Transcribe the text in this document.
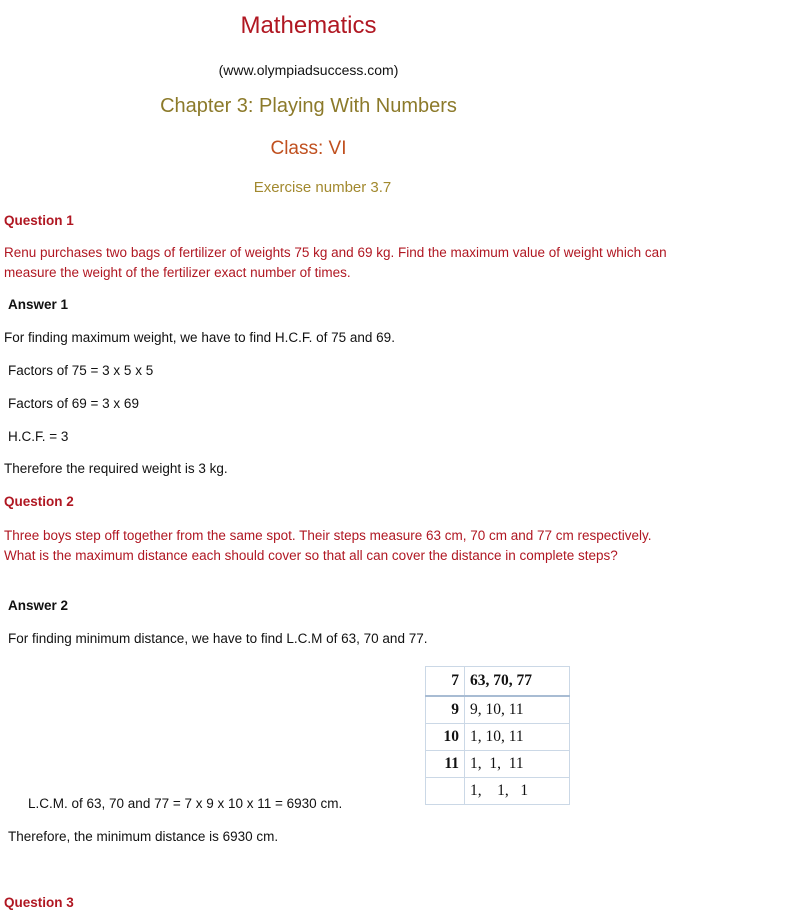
Mathematics
(www.olympiadsuccess.com)
Chapter 3: Playing With Numbers
Class: VI
Exercise number 3.7
Question 1
Renu purchases two bags of fertilizer of weights 75 kg and 69 kg. Find the maximum value of weight which can measure the weight of the fertilizer exact number of times.
Answer 1
For finding maximum weight, we have to find H.C.F. of 75 and 69.
Factors of 75 = 3 x 5 x 5
Factors of 69 = 3 x 69
H.C.F. = 3
Therefore the required weight is 3 kg.
Question 2
Three boys step off together from the same spot. Their steps measure 63 cm, 70 cm and 77 cm respectively. What is the maximum distance each should cover so that all can cover the distance in complete steps?
Answer 2
For finding minimum distance, we have to find L.C.M of 63, 70 and 77.
7	63, 70, 77
9	9, 10, 11
10	1, 10, 11
11	1,  1,  11
	1,    1,   1
L.C.M. of 63, 70 and 77 = 7 x 9 x 10 x 11 = 6930 cm.
Therefore, the minimum distance is 6930 cm.
Question 3
